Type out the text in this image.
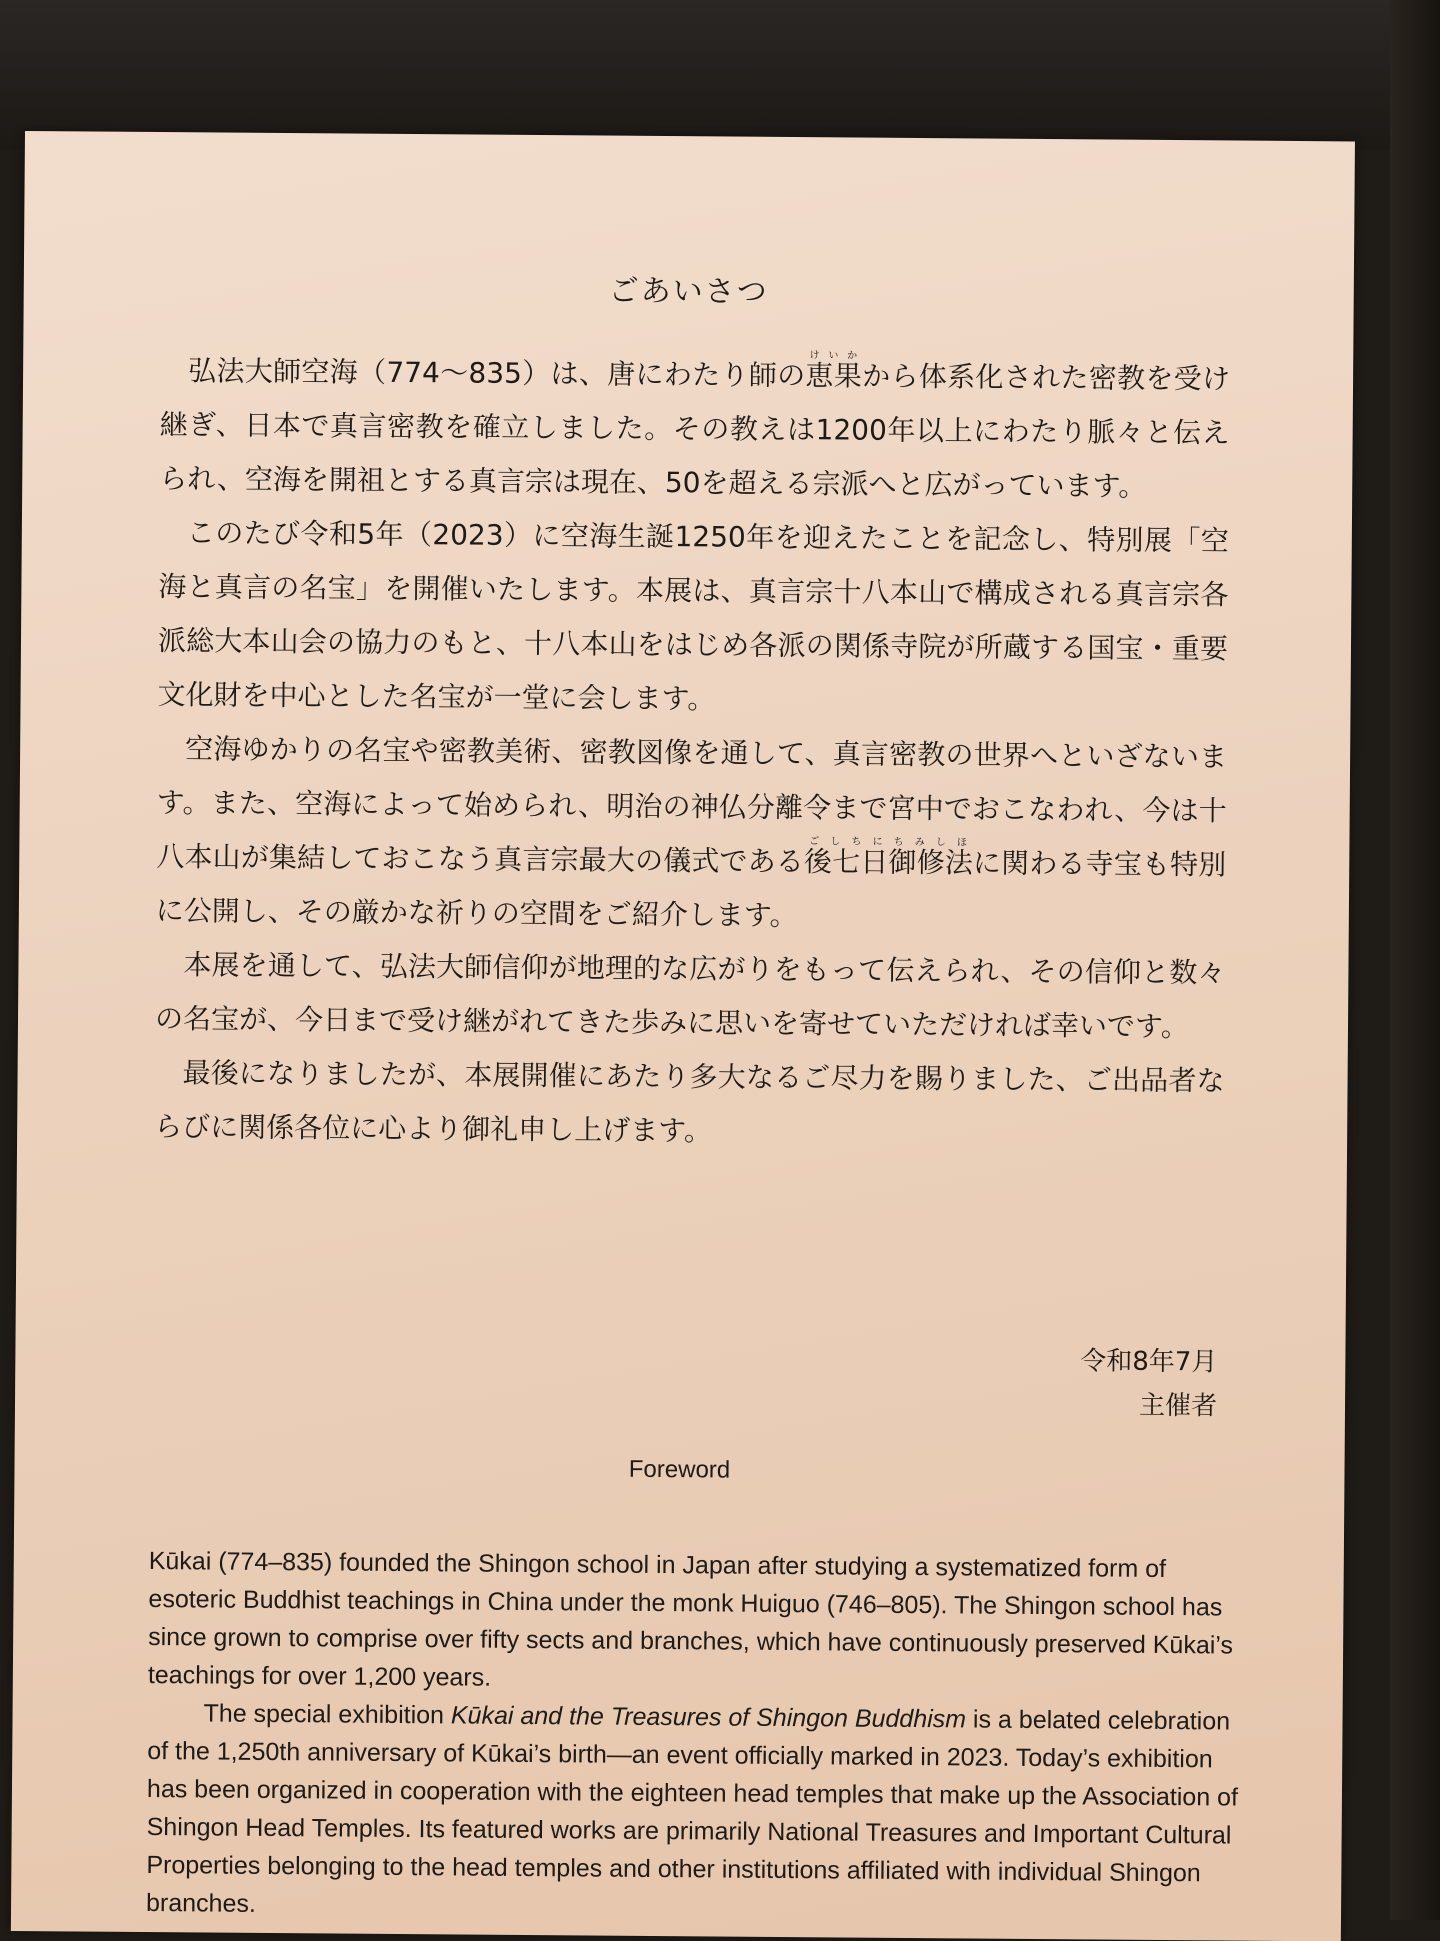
ごあいさつ

弘法大師空海（774〜835）は、唐にわたり師の恵果けいかから体系化された密教を受け継ぎ、日本で真言密教を確立しました。その教えは1200年以上にわたり脈々と伝えられ、空海を開祖とする真言宗は現在、50を超える宗派へと広がっています。

このたび令和5年（2023）に空海生誕1250年を迎えたことを記念し、特別展「空海と真言の名宝」を開催いたします。本展は、真言宗十八本山で構成される真言宗各派総大本山会の協力のもと、十八本山をはじめ各派の関係寺院が所蔵する国宝・重要文化財を中心とした名宝が一堂に会します。

空海ゆかりの名宝や密教美術、密教図像を通して、真言密教の世界へといざないます。また、空海によって始められ、明治の神仏分離令まで宮中でおこなわれ、今は十八本山が集結しておこなう真言宗最大の儀式である後七日御修法ごしちにちみしほに関わる寺宝も特別に公開し、その厳かな祈りの空間をご紹介します。

本展を通して、弘法大師信仰が地理的な広がりをもって伝えられ、その信仰と数々の名宝が、今日まで受け継がれてきた歩みに思いを寄せていただければ幸いです。

最後になりましたが、本展開催にあたり多大なるご尽力を賜りました、ご出品者ならびに関係各位に心より御礼申し上げます。

令和8年7月
主催者
Foreword

Kūkai (774–835) founded the Shingon school in Japan after studying a systematized form of esoteric Buddhist teachings in China under the monk Huiguo (746–805). The Shingon school has since grown to comprise over fifty sects and branches, which have continuously preserved Kūkai’s teachings for over 1,200 years.

The special exhibition Kūkai and the Treasures of Shingon Buddhism is a belated celebration of the 1,250th anniversary of Kūkai’s birth—an event officially marked in 2023. Today’s exhibition has been organized in cooperation with the eighteen head temples that make up the Association of Shingon Head Temples. Its featured works are primarily National Treasures and Important Cultural Properties belonging to the head temples and other institutions affiliated with individual Shingon branches.
